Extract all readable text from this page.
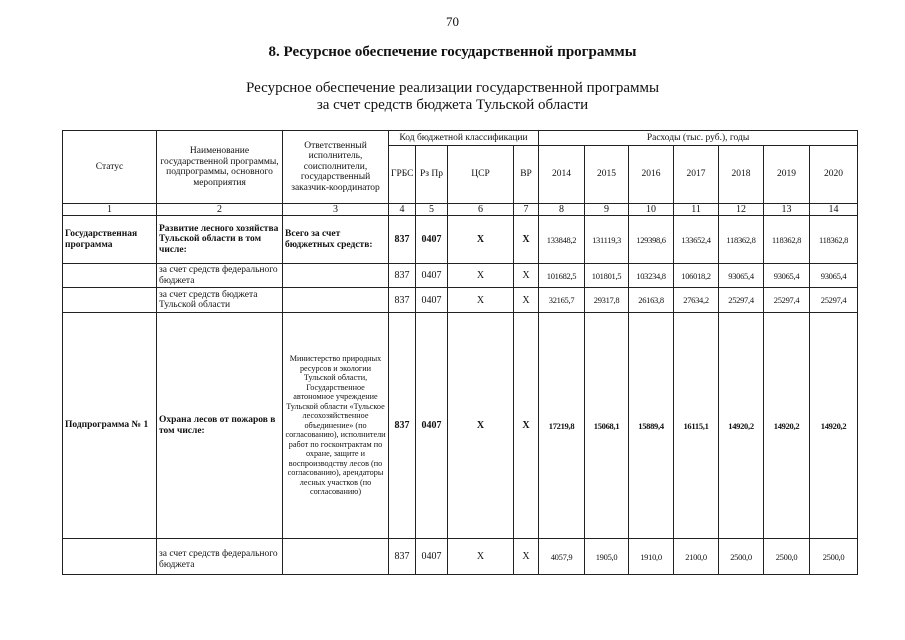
70
8. Ресурсное обеспечение государственной программы
Ресурсное обеспечение реализации государственной программы
за счет средств бюджета Тульской области
Статус	Наименование государственной программы, подпрограммы, основного мероприятия	Ответственный исполнитель, соисполнители, государственный заказчик-координатор	Код бюджетной классификации				Расходы (тыс. руб.), годы						
			ГРБС	Рз Пр	ЦСР	ВР	2014	2015	2016	2017	2018	2019	2020
1	2	3	4	5	6	7	8	9	10	11	12	13	14
Государственная программа	Развитие лесного хозяйства Тульской области в том числе:	Всего за счет бюджетных средств:	837	0407	Х	Х	133848,2	131119,3	129398,6	133652,4	118362,8	118362,8	118362,8
	за счет средств федерального бюджета		837	0407	Х	Х	101682,5	101801,5	103234,8	106018,2	93065,4	93065,4	93065,4
	за счет средств бюджета Тульской области		837	0407	Х	Х	32165,7	29317,8	26163,8	27634,2	25297,4	25297,4	25297,4
Подпрограмма № 1	Охрана лесов от пожаров в том числе:	Министерство природных ресурсов и экологии Тульской области, Государственное автономное учреждение Тульской области «Тульское лесохозяйственное объединение» (по согласованию), исполнители работ по госконтрактам по охране, защите и воспроизводству лесов (по согласованию), арендаторы лесных участков (по согласованию)	837	0407	Х	Х	17219,8	15068,1	15889,4	16115,1	14920,2	14920,2	14920,2
	за счет средств федерального бюджета		837	0407	Х	Х	4057,9	1905,0	1910,0	2100,0	2500,0	2500,0	2500,0
